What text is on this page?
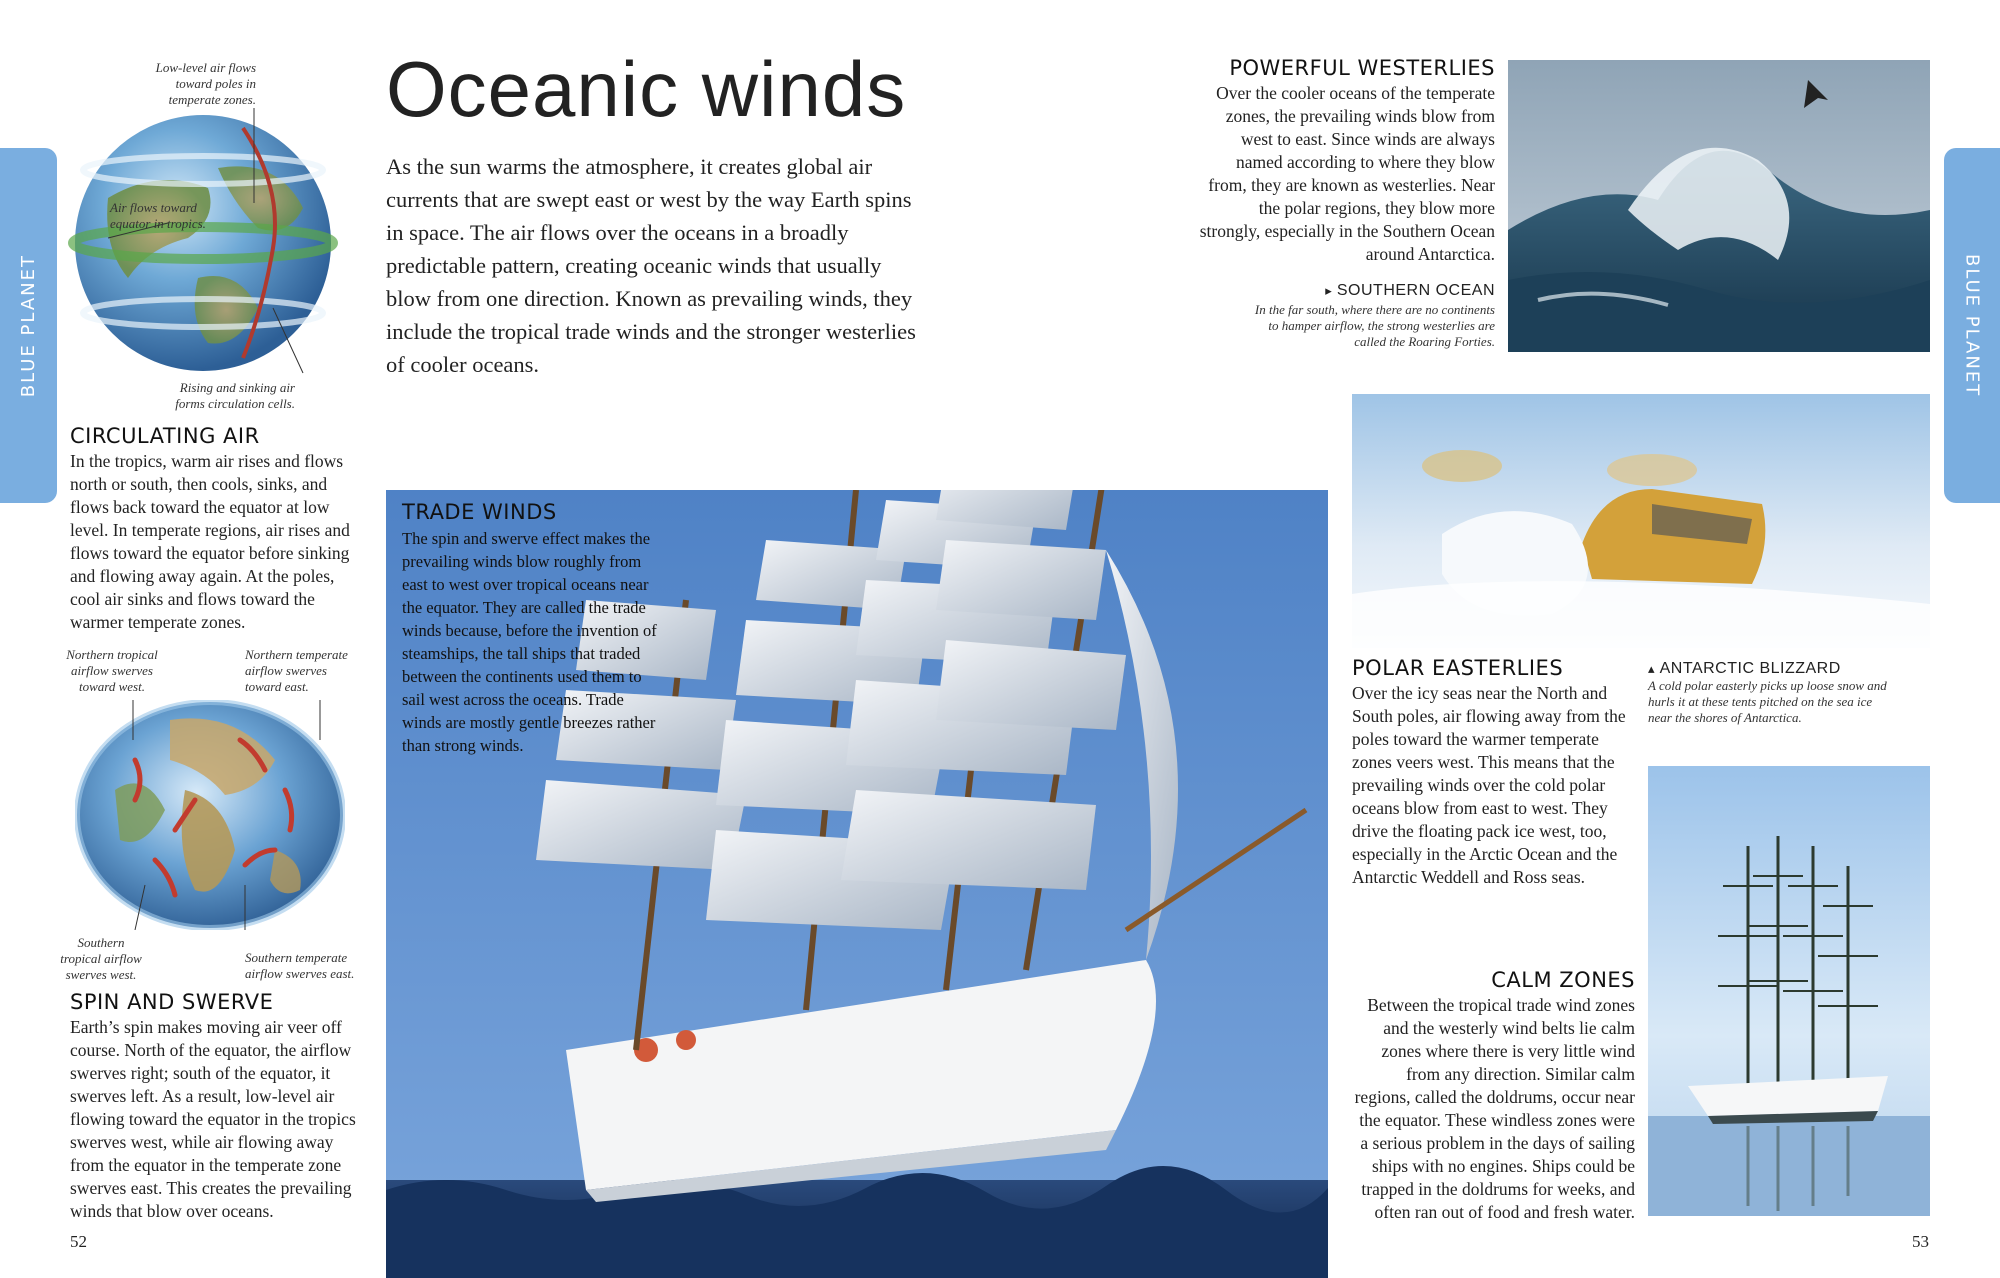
BLUE PLANET	BLUE PLANET
Low-level air flows toward poles in temperate zones.
Air flows toward equator in tropics.
Rising and sinking air forms circulation cells.
CIRCULATING AIR
In the tropics, warm air rises and flows north or south, then cools, sinks, and flows back toward the equator at low level. In temperate regions, air rises and flows toward the equator before sinking and flowing away again. At the poles, cool air sinks and flows toward the warmer temperate zones.
Northern tropical airflow swerves toward west.
Northern temperate airflow swerves toward east.
Southern tropical airflow swerves west.
Southern temperate airflow swerves east.
SPIN AND SWERVE
Earth’s spin makes moving air veer off course. North of the equator, the airflow swerves right; south of the equator, it swerves left. As a result, low-level air flowing toward the equator in the tropics swerves west, while air flowing away from the equator in the temperate zone swerves east. This creates the prevailing winds that blow over oceans.
52
Oceanic winds
As the sun warms the atmosphere, it creates global air currents that are swept east or west by the way Earth spins in space. The air flows over the oceans in a broadly predictable pattern, creating oceanic winds that usually blow from one direction. Known as prevailing winds, they include the tropical trade winds and the stronger westerlies of cooler oceans.
TRADE WINDS
The spin and swerve effect makes the prevailing winds blow roughly from east to west over tropical oceans near the equator. They are called the trade winds because, before the invention of steamships, the tall ships that traded between the continents used them to sail west across the oceans. Trade winds are mostly gentle breezes rather than strong winds.
POWERFUL WESTERLIES
Over the cooler oceans of the temperate zones, the prevailing winds blow from west to east. Since winds are always named according to where they blow from, they are known as westerlies. Near the polar regions, they blow more strongly, especially in the Southern Ocean around Antarctica.
▸ SOUTHERN OCEAN
In the far south, where there are no continents to hamper airflow, the strong westerlies are called the Roaring Forties.
POLAR EASTERLIES
Over the icy seas near the North and South poles, air flowing away from the poles toward the warmer temperate zones veers west. This means that the prevailing winds over the cold polar oceans blow from east to west. They drive the floating pack ice west, too, especially in the Arctic Ocean and the Antarctic Weddell and Ross seas.
▴ ANTARCTIC BLIZZARD
A cold polar easterly picks up loose snow and hurls it at these tents pitched on the sea ice near the shores of Antarctica.
CALM ZONES
Between the tropical trade wind zones and the westerly wind belts lie calm zones where there is very little wind from any direction. Similar calm regions, called the doldrums, occur near the equator. These windless zones were a serious problem in the days of sailing ships with no engines. Ships could be trapped in the doldrums for weeks, and often ran out of food and fresh water.
53
